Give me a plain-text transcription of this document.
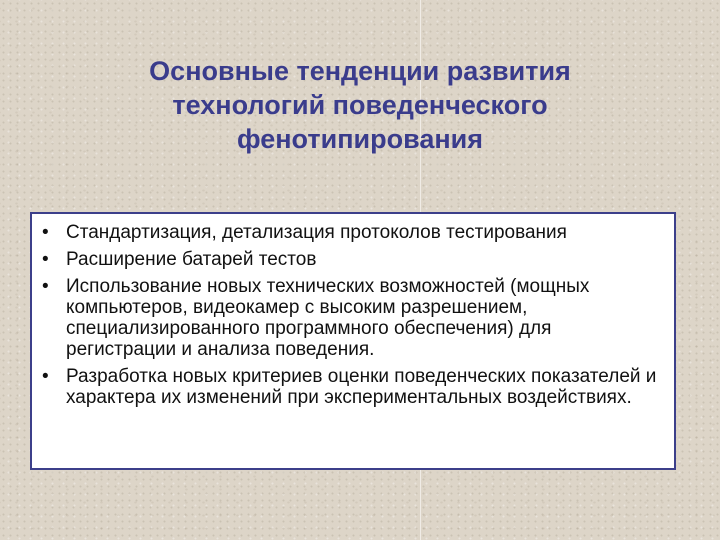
Основные тенденции развития
технологий поведенческого
фенотипирования
• Стандартизация, детализация протоколов тестирования
• Расширение батарей тестов
• Использование новых технических возможностей (мощных компьютеров, видеокамер с высоким разрешением, специализированного программного обеспечения) для регистрации и анализа поведения.
• Разработка новых критериев оценки поведенческих показателей и характера их изменений при экспериментальных воздействиях.
